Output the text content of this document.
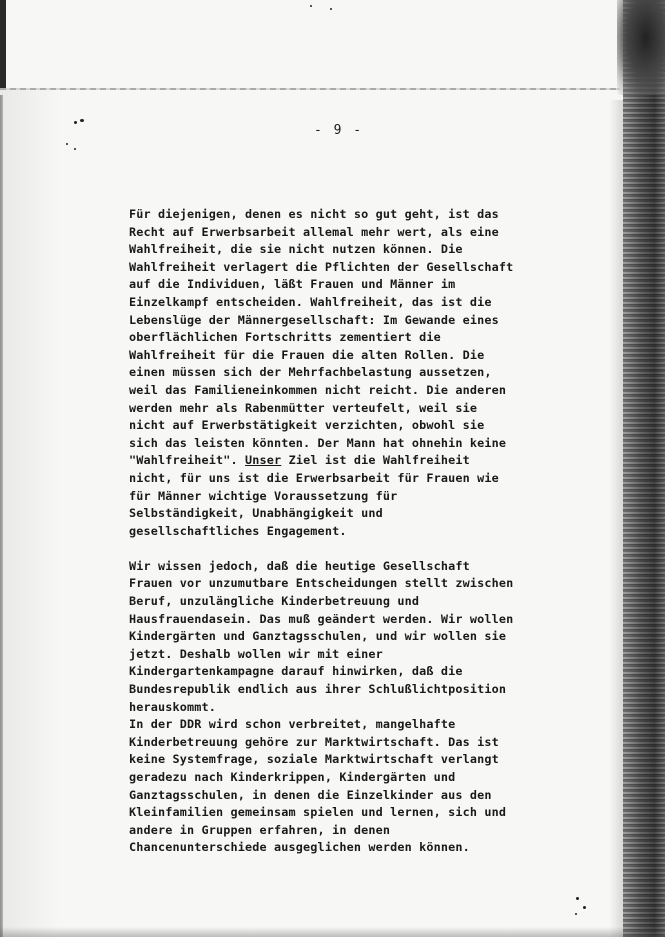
- 9 -
Für diejenigen, denen es nicht so gut geht, ist das
Recht auf Erwerbsarbeit allemal mehr wert, als eine
Wahlfreiheit, die sie nicht nutzen können. Die
Wahlfreiheit verlagert die Pflichten der Gesellschaft
auf die Individuen, läßt Frauen und Männer im
Einzelkampf entscheiden. Wahlfreiheit, das ist die
Lebenslüge der Männergesellschaft: Im Gewande eines
oberflächlichen Fortschritts zementiert die
Wahlfreiheit für die Frauen die alten Rollen. Die
einen müssen sich der Mehrfachbelastung aussetzen,
weil das Familieneinkommen nicht reicht. Die anderen
werden mehr als Rabenmütter verteufelt, weil sie
nicht auf Erwerbstätigkeit verzichten, obwohl sie
sich das leisten könnten. Der Mann hat ohnehin keine
"Wahlfreiheit". Unser Ziel ist die Wahlfreiheit
nicht, für uns ist die Erwerbsarbeit für Frauen wie
für Männer wichtige Voraussetzung für
Selbständigkeit, Unabhängigkeit und
gesellschaftliches Engagement.
Wir wissen jedoch, daß die heutige Gesellschaft
Frauen vor unzumutbare Entscheidungen stellt zwischen
Beruf, unzulängliche Kinderbetreuung und
Hausfrauendasein. Das muß geändert werden. Wir wollen
Kindergärten und Ganztagsschulen, und wir wollen sie
jetzt. Deshalb wollen wir mit einer
Kindergartenkampagne darauf hinwirken, daß die
Bundesrepublik endlich aus ihrer Schlußlichtposition
herauskommt.
In der DDR wird schon verbreitet, mangelhafte
Kinderbetreuung gehöre zur Marktwirtschaft. Das ist
keine Systemfrage, soziale Marktwirtschaft verlangt
geradezu nach Kinderkrippen, Kindergärten und
Ganztagsschulen, in denen die Einzelkinder aus den
Kleinfamilien gemeinsam spielen und lernen, sich und
andere in Gruppen erfahren, in denen
Chancenunterschiede ausgeglichen werden können.
